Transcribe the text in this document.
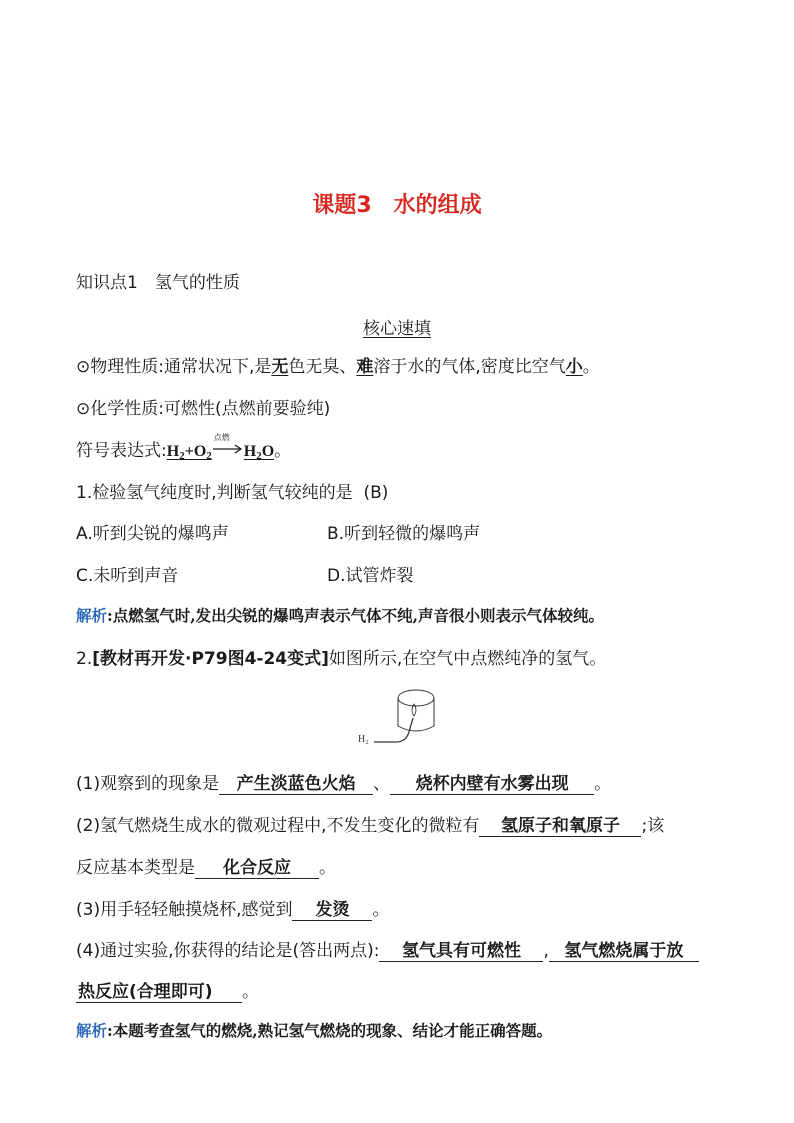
课题3　水的组成
知识点1　氢气的性质
核心速填
⊙物理性质:通常状况下,是无色无臭、难溶于水的气体,密度比空气小。
⊙化学性质:可燃性(点燃前要验纯)
符号表达式$:H_2+O_2$
点燃
$H_2O$。
1.检验氢气纯度时,判断氢气较纯的是 (B)
A.听到尖锐的爆鸣声	B.听到轻微的爆鸣声
C.未听到声音	D.试管炸裂
解析:点燃氢气时,发出尖锐的爆鸣声表示气体不纯,声音很小则表示气体较纯。
2.[教材再开发·P79图4-24变式]如图所示,在空气中点燃纯净的氢气。
H₂
(1)观察到的现象是 产生淡蓝色火焰 、 烧杯内壁有水雾出现 。
(2)氢气燃烧生成水的微观过程中,不发生变化的微粒有 氢原子和氧原子 ;该
反应基本类型是 化合反应 。
(3)用手轻轻触摸烧杯,感觉到 发烫 。
(4)通过实验,你获得的结论是(答出两点): 氢气具有可燃性 , 氢气燃烧属于放
热反应(合理即可) 。
解析:本题考查氢气的燃烧,熟记氢气燃烧的现象、结论才能正确答题。
